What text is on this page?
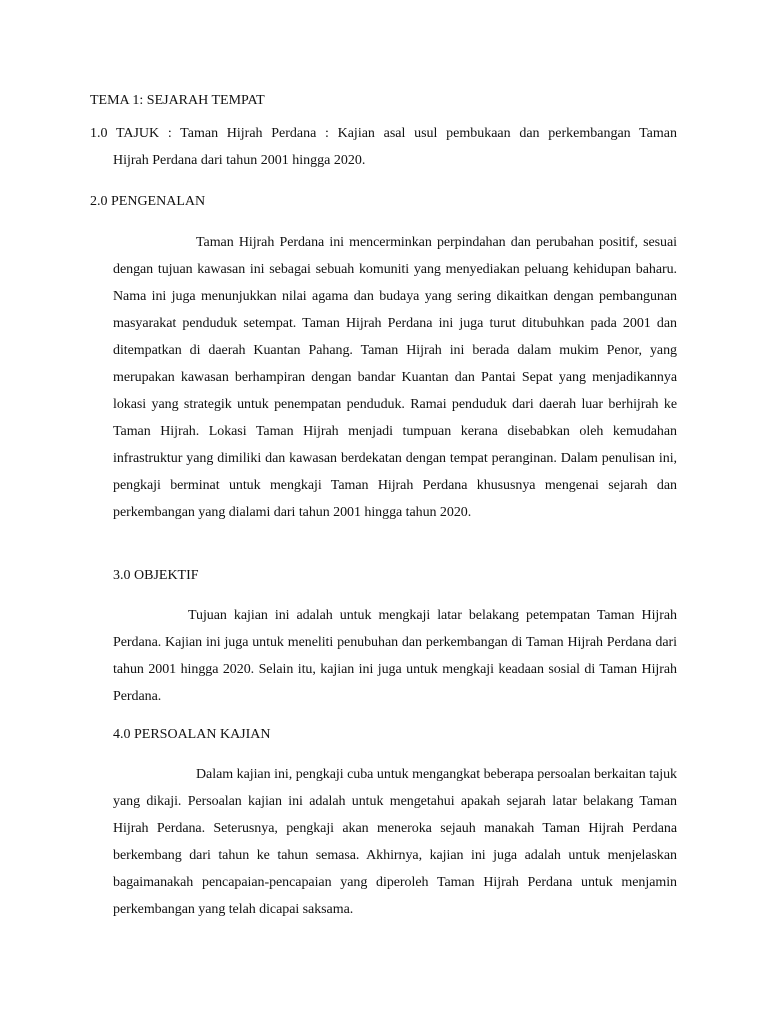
TEMA 1: SEJARAH TEMPAT
1.0 TAJUK : Taman Hijrah Perdana : Kajian asal usul pembukaan dan perkembangan Taman
Hijrah Perdana dari tahun 2001 hingga 2020.
2.0 PENGENALAN

Taman Hijrah Perdana ini mencerminkan perpindahan dan perubahan positif, sesuai dengan tujuan kawasan ini sebagai sebuah komuniti yang menyediakan peluang kehidupan baharu. Nama ini juga menunjukkan nilai agama dan budaya yang sering dikaitkan dengan pembangunan masyarakat penduduk setempat. Taman Hijrah Perdana ini juga turut ditubuhkan pada 2001 dan ditempatkan di daerah Kuantan Pahang. Taman Hijrah ini berada dalam mukim Penor, yang merupakan kawasan berhampiran dengan bandar Kuantan dan Pantai Sepat yang menjadikannya lokasi yang strategik untuk penempatan penduduk. Ramai penduduk dari daerah luar berhijrah ke Taman Hijrah. Lokasi Taman Hijrah menjadi tumpuan kerana disebabkan oleh kemudahan infrastruktur yang dimiliki dan kawasan berdekatan dengan tempat peranginan. Dalam penulisan ini, pengkaji berminat untuk mengkaji Taman Hijrah Perdana khususnya mengenai sejarah dan perkembangan yang dialami dari tahun 2001 hingga tahun 2020.

3.0 OBJEKTIF

Tujuan kajian ini adalah untuk mengkaji latar belakang petempatan Taman Hijrah Perdana. Kajian ini juga untuk meneliti penubuhan dan perkembangan di Taman Hijrah Perdana dari tahun 2001 hingga 2020. Selain itu, kajian ini juga untuk mengkaji keadaan sosial di Taman Hijrah Perdana.

4.0 PERSOALAN KAJIAN

Dalam kajian ini, pengkaji cuba untuk mengangkat beberapa persoalan berkaitan tajuk yang dikaji. Persoalan kajian ini adalah untuk mengetahui apakah sejarah latar belakang Taman Hijrah Perdana. Seterusnya, pengkaji akan meneroka sejauh manakah Taman Hijrah Perdana berkembang dari tahun ke tahun semasa. Akhirnya, kajian ini juga adalah untuk menjelaskan bagaimanakah pencapaian-pencapaian yang diperoleh Taman Hijrah Perdana untuk menjamin perkembangan yang telah dicapai saksama.
